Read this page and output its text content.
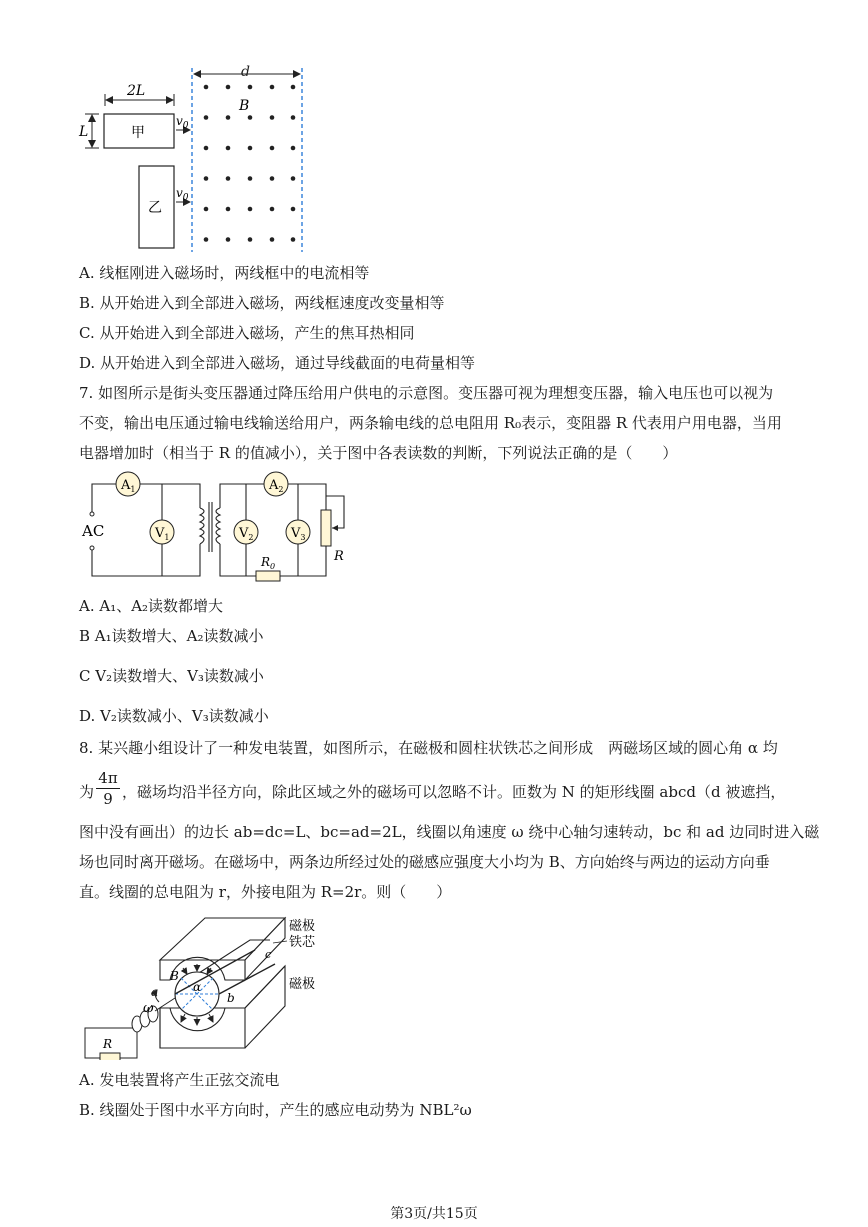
2L
L	甲
$v_0$
乙
$v_0$
d
B
A. 线框刚进入磁场时，两线框中的电流相等
B. 从开始进入到全部进入磁场，两线框速度改变量相等
C. 从开始进入到全部进入磁场，产生的焦耳热相同
D. 从开始进入到全部进入磁场，通过导线截面的电荷量相等
7. 如图所示是街头变压器通过降压给用户供电的示意图。变压器可视为理想变压器，输入电压也可以视为
不变，输出电压通过输电线输送给用户，两条输电线的总电阻用 R₀表示，变阻器 R 代表用户用电器，当用
电器增加时（相当于 R 的值减小），关于图中各表读数的判断，下列说法正确的是（　　）
AC
$A_1$
$V_1$
$A_2$
$V_2$	$V_3$
$R_0$
R
A. A₁、A₂读数都增大
B A₁读数增大、A₂读数减小
C V₂读数增大、V₃读数减小
D. V₂读数减小、V₃读数减小
8. 某兴趣小组设计了一种发电装置，如图所示，在磁极和圆柱状铁芯之间形成　两磁场区域的圆心角 α 均
为 $\frac{4\pi}{9}$ ，磁场均沿半径方向，除此区域之外的磁场可以忽略不计。匝数为 N 的矩形线圈 abcd（d 被遮挡，
图中没有画出）的边长 ab=dc=L、bc=ad=2L，线圈以角速度 ω 绕中心轴匀速转动，bc 和 ad 边同时进入磁
场也同时离开磁场。在磁场中，两条边所经过处的磁感应强度大小均为 B、方向始终与两边的运动方向垂
直。线圈的总电阻为 r，外接电阻为 R=2r。则（　　）
R
磁极
铁芯
c
磁极
B
α
a	b
ω
A. 发电装置将产生正弦交流电
B. 线圈处于图中水平方向时，产生的感应电动势为 NBL²ω
第3页/共15页
